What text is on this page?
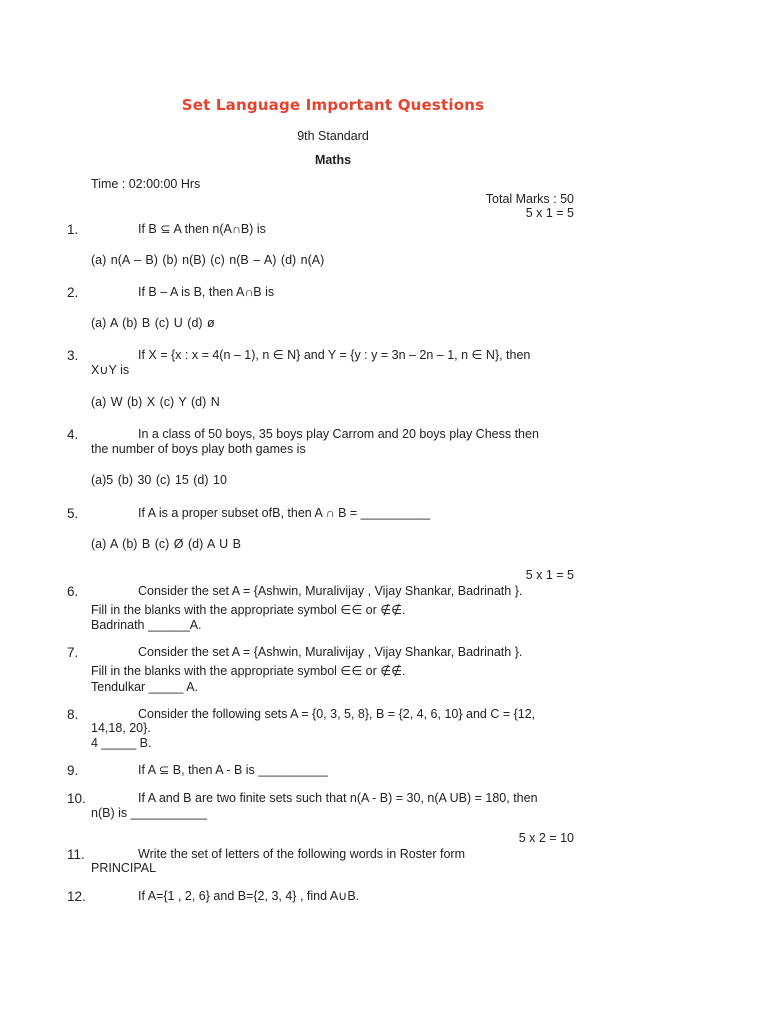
Set Language Important Questions
9th Standard
Maths
Time : 02:00:00 Hrs
Total Marks : 50
5 x 1 = 5
1.	If B ⊆ A then n(A∩B) is
(a) n(A – B) (b) n(B) (c) n(B – A) (d) n(A)
2.	If B – A is B, then A∩B is
(a) A (b) B (c) U (d) ø
3.	If X = {x : x = 4(n – 1), n ∈ N} and Y = {y : y = 3n – 2n – 1, n ∈ N}, then
X∪Y is
(a) W (b) X (c) Y (d) N
4.	In a class of 50 boys, 35 boys play Carrom and 20 boys play Chess then
the number of boys play both games is
(a)5 (b) 30 (c) 15 (d) 10
5.	If A is a proper subset ofB, then A ∩ B = __________
(a) A (b) B (c) Ø (d) A U B
5 x 1 = 5
6.	Consider the set A = {Ashwin, Muralivijay , Vijay Shankar, Badrinath }.
Fill in the blanks with the appropriate symbol ∈∈ or ∉∉.
Badrinath ______A.
7.	Consider the set A = {Ashwin, Muralivijay , Vijay Shankar, Badrinath }.
Fill in the blanks with the appropriate symbol ∈∈ or ∉∉.
Tendulkar _____ A.
8.	Consider the following sets A = {0, 3, 5, 8}, B = {2, 4, 6, 10} and C = {12,
14,18, 20}.
4 _____ B.
9.	If A ⊆ B, then A - B is __________
10.	If A and B are two finite sets such that n(A - B) = 30, n(A UB) = 180, then
n(B) is ___________
5 x 2 = 10
11.	Write the set of letters of the following words in Roster form
PRINCIPAL
12.	If A={1 , 2, 6} and B={2, 3, 4} , find A∪B.
